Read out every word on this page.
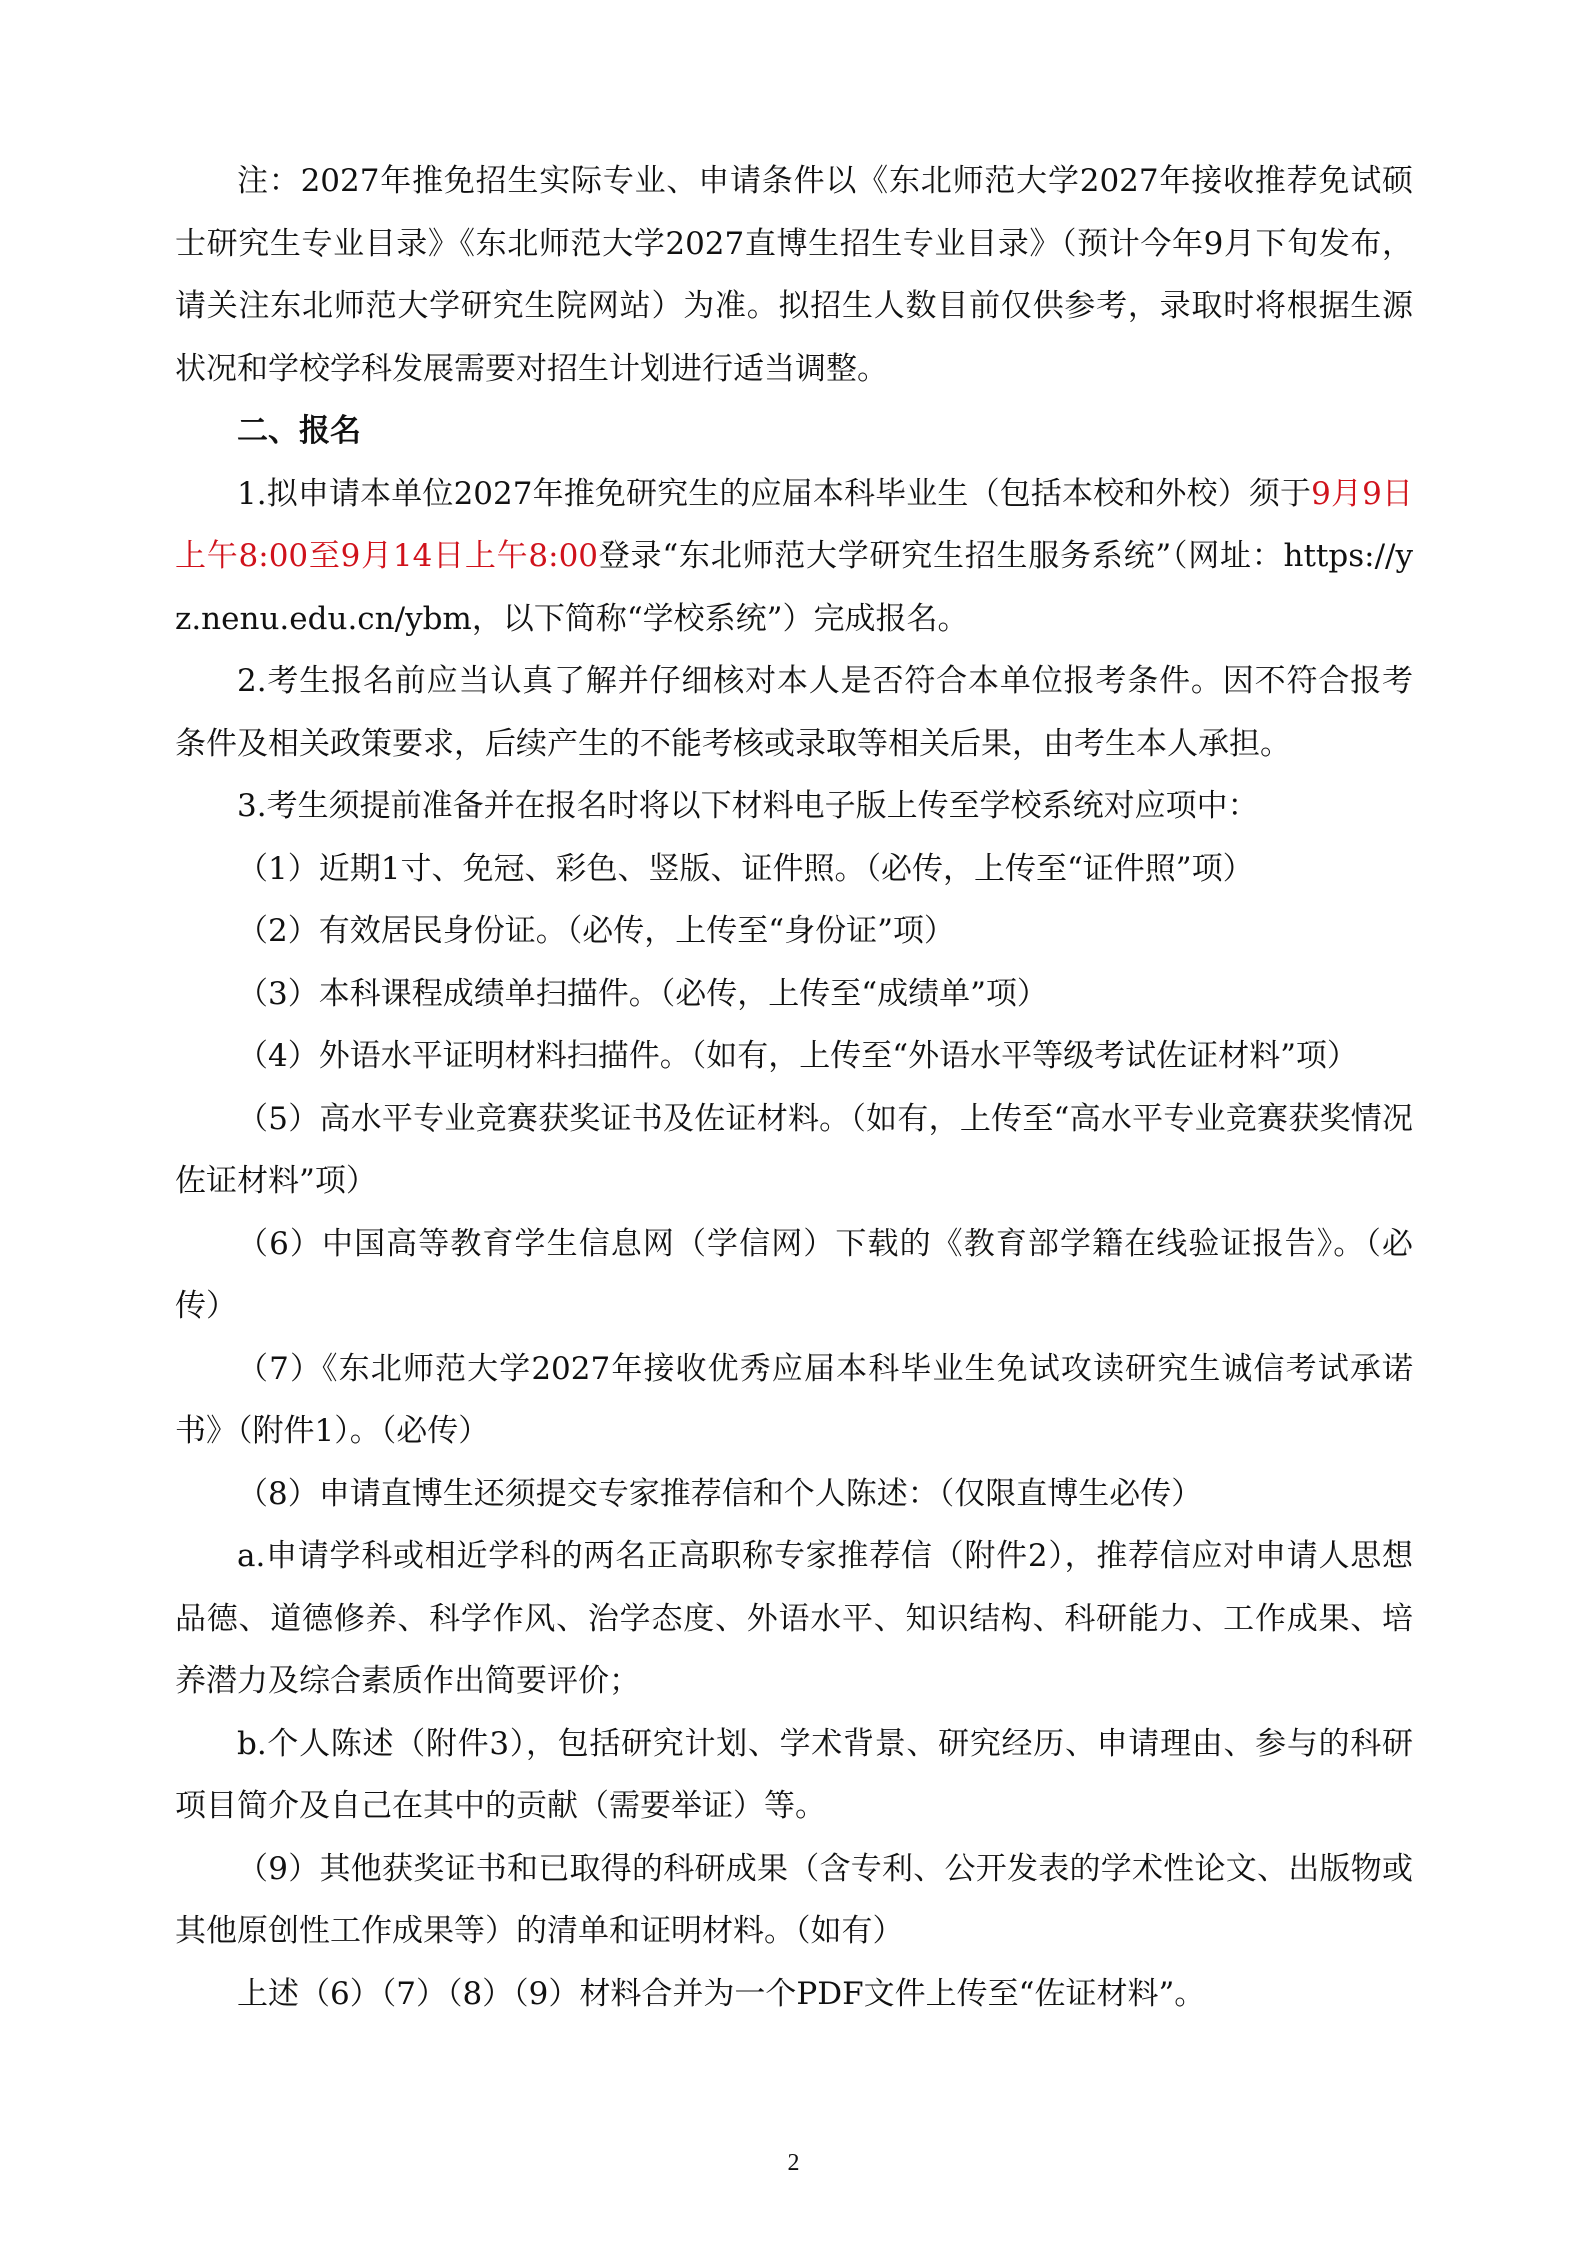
注：2027年推免招生实际专业、申请条件以《东北师范大学2027年接收推荐免试硕士研究生专业目录》《东北师范大学2027直博生招生专业目录》（预计今年9月下旬发布，请关注东北师范大学研究生院网站）为准。拟招生人数目前仅供参考，录取时将根据生源状况和学校学科发展需要对招生计划进行适当调整。

二、报名

1.拟申请本单位2027年推免研究生的应届本科毕业生（包括本校和外校）须于9月9日上午8:00至9月14日上午8:00登录“东北师范大学研究生招生服务系统”（网址：https://yz.nenu.edu.cn/ybm，以下简称“学校系统”）完成报名。

2.考生报名前应当认真了解并仔细核对本人是否符合本单位报考条件。因不符合报考条件及相关政策要求，后续产生的不能考核或录取等相关后果，由考生本人承担。

3.考生须提前准备并在报名时将以下材料电子版上传至学校系统对应项中：

（1）近期1寸、免冠、彩色、竖版、证件照。（必传，上传至“证件照”项）

（2）有效居民身份证。（必传，上传至“身份证”项）

（3）本科课程成绩单扫描件。（必传，上传至“成绩单”项）

（4）外语水平证明材料扫描件。（如有，上传至“外语水平等级考试佐证材料”项）

（5）高水平专业竞赛获奖证书及佐证材料。（如有，上传至“高水平专业竞赛获奖情况佐证材料”项）

（6）中国高等教育学生信息网（学信网）下载的《教育部学籍在线验证报告》。（必传）

（7）《东北师范大学2027年接收优秀应届本科毕业生免试攻读研究生诚信考试承诺书》（附件1）。（必传）

（8）申请直博生还须提交专家推荐信和个人陈述：（仅限直博生必传）

a.申请学科或相近学科的两名正高职称专家推荐信（附件2），推荐信应对申请人思想品德、道德修养、科学作风、治学态度、外语水平、知识结构、科研能力、工作成果、培养潜力及综合素质作出简要评价；

b.个人陈述（附件3），包括研究计划、学术背景、研究经历、申请理由、参与的科研项目简介及自己在其中的贡献（需要举证）等。

（9）其他获奖证书和已取得的科研成果（含专利、公开发表的学术性论文、出版物或其他原创性工作成果等）的清单和证明材料。（如有）

上述（6）（7）（8）（9）材料合并为一个PDF文件上传至“佐证材料”。

2
